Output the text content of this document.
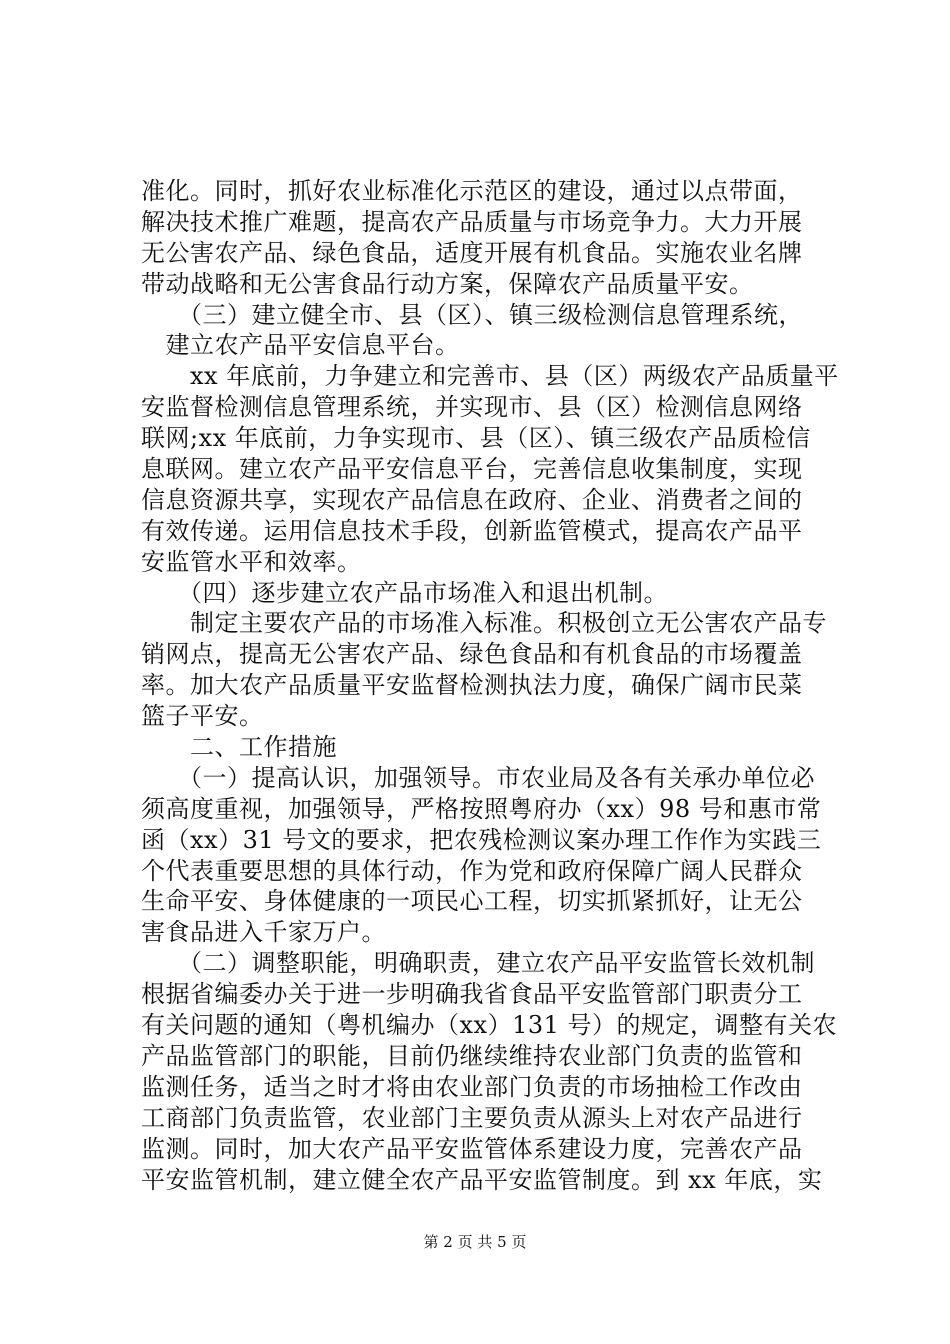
准化。同时，抓好农业标准化示范区的建设，通过以点带面，
解决技术推广难题，提高农产品质量与市场竞争力。大力开展
无公害农产品、绿色食品，适度开展有机食品。实施农业名牌
带动战略和无公害食品行动方案，保障农产品质量平安。
　　（三）建立健全市、县（区）、镇三级检测信息管理系统，
　建立农产品平安信息平台。
　　xx 年底前，力争建立和完善市、县（区）两级农产品质量平
安监督检测信息管理系统，并实现市、县（区）检测信息网络
联网;xx 年底前，力争实现市、县（区）、镇三级农产品质检信
息联网。建立农产品平安信息平台，完善信息收集制度，实现
信息资源共享，实现农产品信息在政府、企业、消费者之间的
有效传递。运用信息技术手段，创新监管模式，提高农产品平
安监管水平和效率。
　　（四）逐步建立农产品市场准入和退出机制。
　　制定主要农产品的市场准入标准。积极创立无公害农产品专
销网点，提高无公害农产品、绿色食品和有机食品的市场覆盖
率。加大农产品质量平安监督检测执法力度，确保广阔市民菜
篮子平安。
　　二、工作措施
　　（一）提高认识，加强领导。市农业局及各有关承办单位必
须高度重视，加强领导，严格按照粤府办（xx）98 号和惠市常
函（xx）31 号文的要求，把农残检测议案办理工作作为实践三
个代表重要思想的具体行动，作为党和政府保障广阔人民群众
生命平安、身体健康的一项民心工程，切实抓紧抓好，让无公
害食品进入千家万户。
　　（二）调整职能，明确职责，建立农产品平安监管长效机制
根据省编委办关于进一步明确我省食品平安监管部门职责分工
有关问题的通知（粤机编办（xx）131 号）的规定，调整有关农
产品监管部门的职能，目前仍继续维持农业部门负责的监管和
监测任务，适当之时才将由农业部门负责的市场抽检工作改由
工商部门负责监管，农业部门主要负责从源头上对农产品进行
监测。同时，加大农产品平安监管体系建设力度，完善农产品
平安监管机制，建立健全农产品平安监管制度。到 xx 年底，实
第 2 页 共 5 页
